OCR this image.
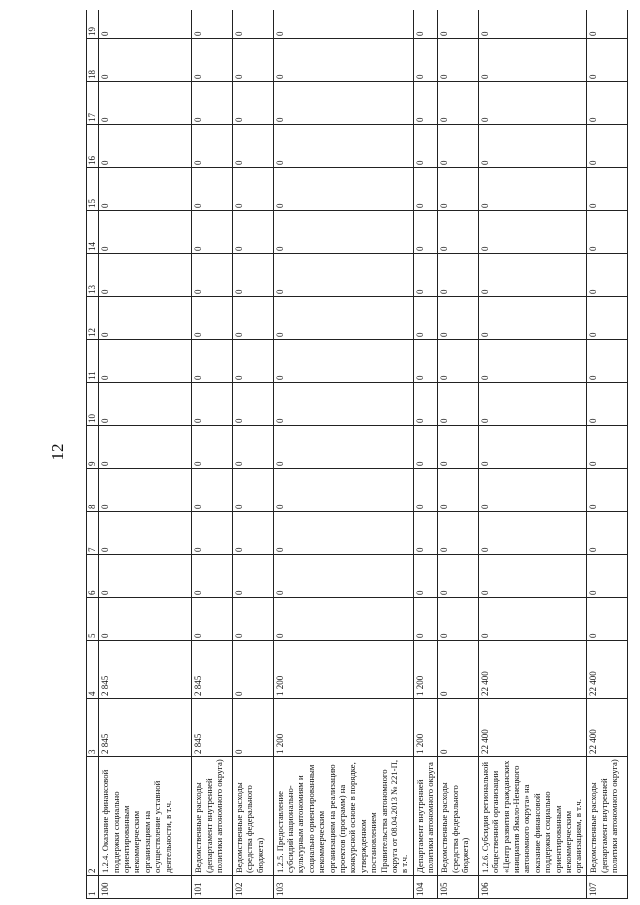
12
1	2	3	4	5	6	7	8	9	10	11	12	13	14	15	16	17	18	19
100	1.2.4. Оказание финансовой поддержки социально ориентированным некоммерческим организациям на осуществление уставной деятельности, в т.ч.	2 845	2 845	0	0	0	0	0	0	0	0	0	0	0	0	0	0	0
101	Ведомственные расходы (департамент внутренней политики автономного округа)	2 845	2 845	0	0	0	0	0	0	0	0	0	0	0	0	0	0	0
102	Ведомственные расходы (средства федерального бюджета)	0	0	0	0	0	0	0	0	0	0	0	0	0	0	0	0	0
103	1.2.5. Предоставление субсидий национально-культурным автономиям и социально ориентированным некоммерческим организациям на реализацию проектов (программ) на конкурсной основе в порядке, утвержденном постановлением Правительства автономного округа от 08.04.2013 № 221-П, в т.ч.	1 200	1 200	0	0	0	0	0	0	0	0	0	0	0	0	0	0	0
104	Департамент внутренней политики автономного округа	1 200	1 200	0	0	0	0	0	0	0	0	0	0	0	0	0	0	0
105	Ведомственные расходы (средства федерального бюджета)	0	0	0	0	0	0	0	0	0	0	0	0	0	0	0	0	0
106	1.2.6. Субсидия региональной общественной организации «Центр развития гражданских инициатив Ямало-Ненецкого автономного округа» на оказание финансовой поддержки социально ориентированным некоммерческим организациям, в т.ч.	22 400	22 400	0	0	0	0	0	0	0	0	0	0	0	0	0	0	0
107	Ведомственные расходы (департамент внутренней политики автономного округа)	22 400	22 400	0	0	0	0	0	0	0	0	0	0	0	0	0	0	0
